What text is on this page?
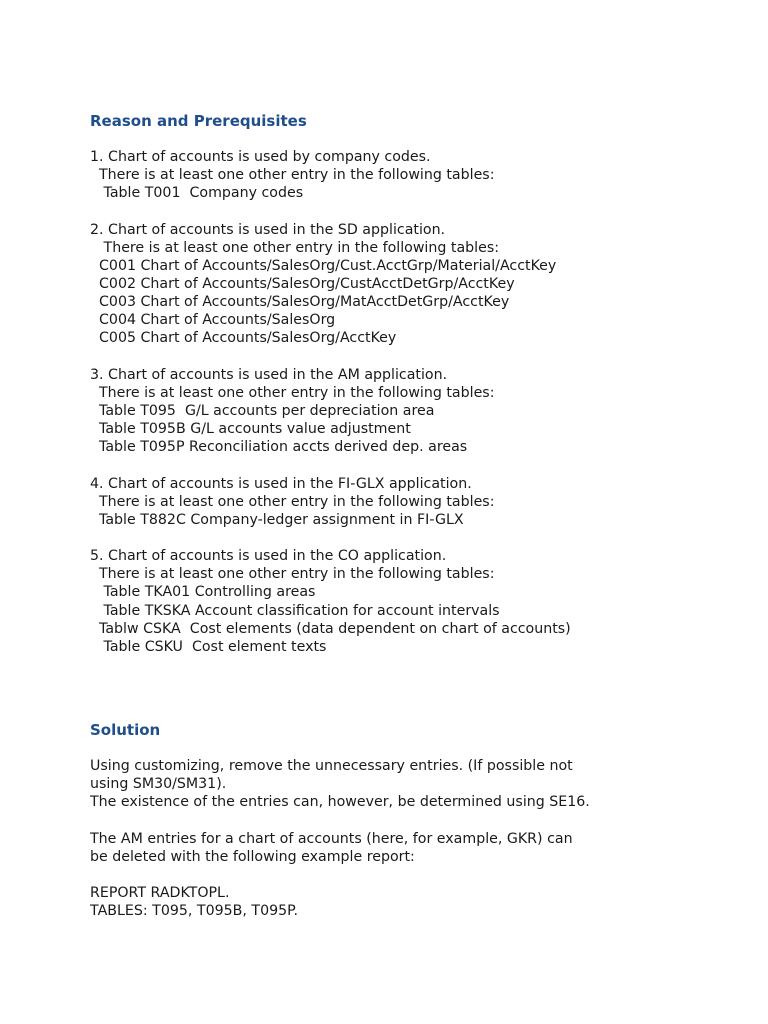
Reason and Prerequisites
1. Chart of accounts is used by company codes.
There is at least one other entry in the following tables:
Table T001  Company codes
2. Chart of accounts is used in the SD application.
There is at least one other entry in the following tables:
C001 Chart of Accounts/SalesOrg/Cust.AcctGrp/Material/AcctKey
C002 Chart of Accounts/SalesOrg/CustAcctDetGrp/AcctKey
C003 Chart of Accounts/SalesOrg/MatAcctDetGrp/AcctKey
C004 Chart of Accounts/SalesOrg
C005 Chart of Accounts/SalesOrg/AcctKey
3. Chart of accounts is used in the AM application.
There is at least one other entry in the following tables:
Table T095  G/L accounts per depreciation area
Table T095B G/L accounts value adjustment
Table T095P Reconciliation accts derived dep. areas
4. Chart of accounts is used in the FI-GLX application.
There is at least one other entry in the following tables:
Table T882C Company-ledger assignment in FI-GLX
5. Chart of accounts is used in the CO application.
There is at least one other entry in the following tables:
Table TKA01 Controlling areas
Table TKSKA Account classification for account intervals
Tablw CSKA  Cost elements (data dependent on chart of accounts)
Table CSKU  Cost element texts
Solution
Using customizing, remove the unnecessary entries. (If possible not
using SM30/SM31).
The existence of the entries can, however, be determined using SE16.
The AM entries for a chart of accounts (here, for example, GKR) can
be deleted with the following example report:
REPORT RADKTOPL.
TABLES: T095, T095B, T095P.
